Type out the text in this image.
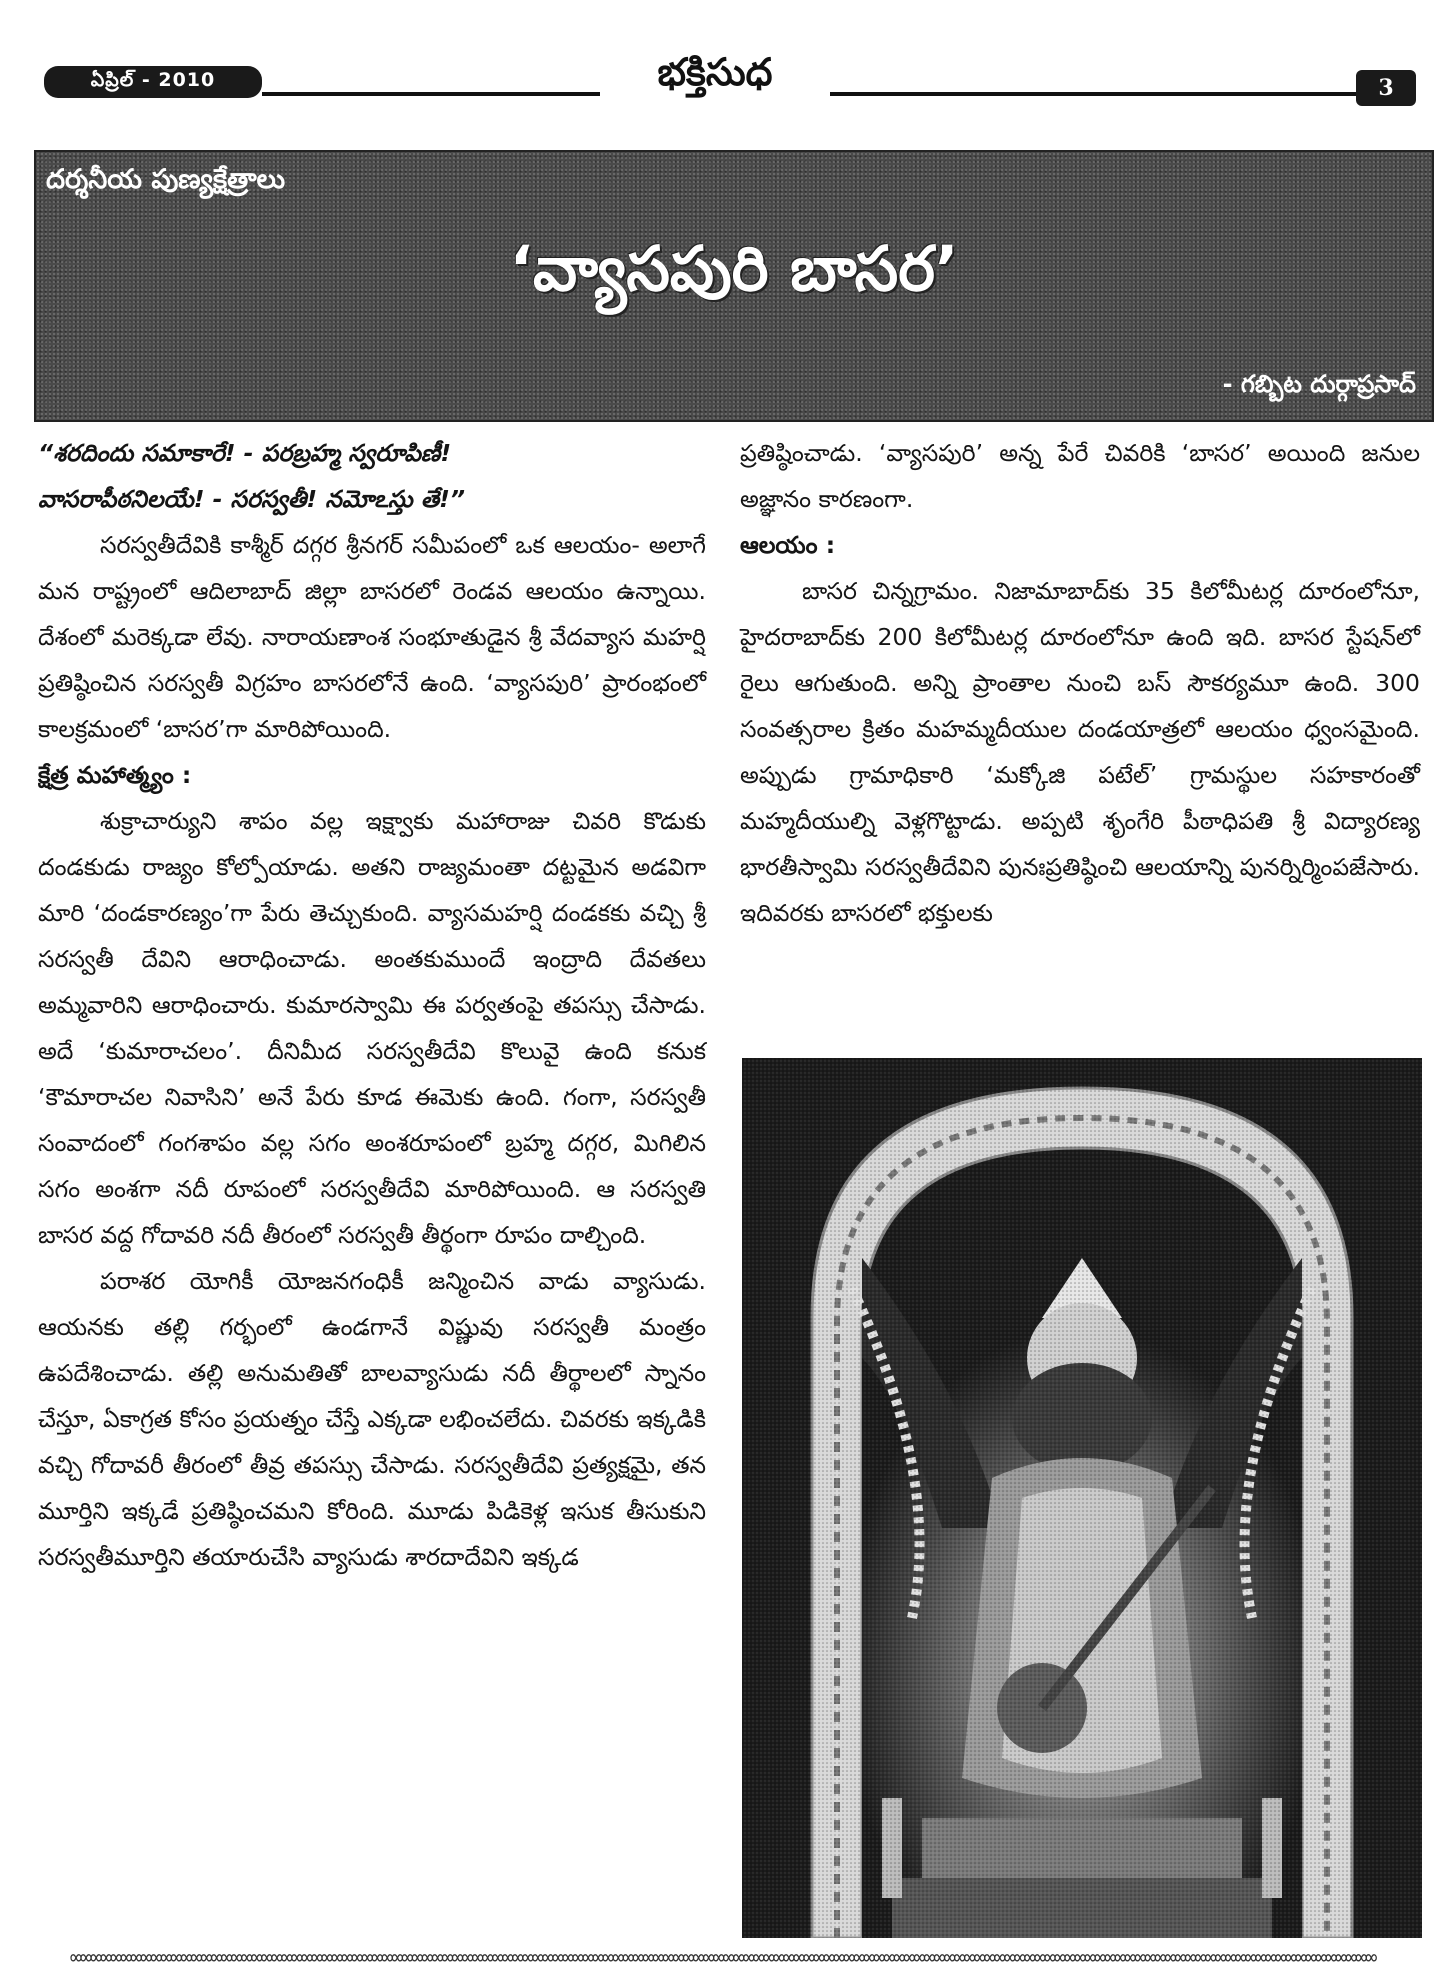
ఏప్రిల్ - 2010	భక్తిసుధ	3
దర్శనీయ పుణ్యక్షేత్రాలు
‘వ్యాసపురి బాసర’
- గబ్బిట దుర్గాప్రసాద్

“శరదిందు సమాకారే! - పరబ్రహ్మ స్వరూపిణీ!

వాసరాపీఠనిలయే! - సరస్వతీ! నమోఽస్తు తే!”

సరస్వతీదేవికి కాశ్మీర్ దగ్గర శ్రీనగర్ సమీపంలో ఒక ఆలయం- అలాగే మన రాష్ట్రంలో ఆదిలాబాద్ జిల్లా బాసరలో రెండవ ఆలయం ఉన్నాయి. దేశంలో మరెక్కడా లేవు. నారాయణాంశ సంభూతుడైన శ్రీ వేదవ్యాస మహర్షి ప్రతిష్ఠించిన సరస్వతీ విగ్రహం బాసరలోనే ఉంది. ‘వ్యాసపురి’ ప్రారంభంలో కాలక్రమంలో ‘బాసర’గా మారిపోయింది.

క్షేత్ర మహాత్మ్యం :

శుక్రాచార్యుని శాపం వల్ల ఇక్ష్వాకు మహారాజు చివరి కొడుకు దండకుడు రాజ్యం కోల్పోయాడు. అతని రాజ్యమంతా దట్టమైన అడవిగా మారి ‘దండకారణ్యం’గా పేరు తెచ్చుకుంది. వ్యాసమహర్షి దండకకు వచ్చి శ్రీ సరస్వతీ దేవిని ఆరాధించాడు. అంతకుముందే ఇంద్రాది దేవతలు అమ్మవారిని ఆరాధించారు. కుమారస్వామి ఈ పర్వతంపై తపస్సు చేసాడు. అదే ‘కుమారాచలం’. దీనిమీద సరస్వతీదేవి కొలువై ఉంది కనుక ‘కౌమారాచల నివాసిని’ అనే పేరు కూడ ఈమెకు ఉంది. గంగా, సరస్వతీ సంవాదంలో గంగశాపం వల్ల సగం అంశరూపంలో బ్రహ్మ దగ్గర, మిగిలిన సగం అంశగా నదీ రూపంలో సరస్వతీదేవి మారిపోయింది. ఆ సరస్వతి బాసర వద్ద గోదావరి నదీ తీరంలో సరస్వతీ తీర్థంగా రూపం దాల్చింది.

పరాశర యోగికీ యోజనగంధికీ జన్మించిన వాడు వ్యాసుడు. ఆయనకు తల్లి గర్భంలో ఉండగానే విష్ణువు సరస్వతీ మంత్రం ఉపదేశించాడు. తల్లి అనుమతితో బాలవ్యాసుడు నదీ తీర్థాలలో స్నానం చేస్తూ, ఏకాగ్రత కోసం ప్రయత్నం చేస్తే ఎక్కడా లభించలేదు. చివరకు ఇక్కడికి వచ్చి గోదావరీ తీరంలో తీవ్ర తపస్సు చేసాడు. సరస్వతీదేవి ప్రత్యక్షమై, తన మూర్తిని ఇక్కడే ప్రతిష్ఠించమని కోరింది. మూడు పిడికెళ్ల ఇసుక తీసుకుని సరస్వతీమూర్తిని తయారుచేసి వ్యాసుడు శారదాదేవిని ఇక్కడ

ప్రతిష్ఠించాడు. ‘వ్యాసపురి’ అన్న పేరే చివరికి ‘బాసర’ అయింది జనుల అజ్ఞానం కారణంగా.

ఆలయం :

బాసర చిన్నగ్రామం. నిజామాబాద్‌కు 35 కిలోమీటర్ల దూరంలోనూ, హైదరాబాద్‌కు 200 కిలోమీటర్ల దూరంలోనూ ఉంది ఇది. బాసర స్టేషన్‌లో రైలు ఆగుతుంది. అన్ని ప్రాంతాల నుంచి బస్ సౌకర్యమూ ఉంది. 300 సంవత్సరాల క్రితం మహమ్మదీయుల దండయాత్రలో ఆలయం ధ్వంసమైంది. అప్పుడు గ్రామాధికారి ‘మక్కోజి పటేల్’ గ్రామస్థుల సహకారంతో మహ్మదీయుల్ని వెళ్లగొట్టాడు. అప్పటి శృంగేరి పీఠాధిపతి శ్రీ విద్యారణ్య భారతీస్వామి సరస్వతీదేవిని పునఃప్రతిష్ఠించి ఆలయాన్ని పునర్నిర్మింపజేసారు. ఇదివరకు బాసరలో భక్తులకు

∞∞∞∞∞∞∞∞∞∞∞∞∞∞∞∞∞∞∞∞∞∞∞∞∞∞∞∞∞∞∞∞∞∞∞∞∞∞∞∞∞∞∞∞∞∞∞∞∞∞∞∞∞∞∞∞∞∞∞∞∞∞∞∞∞∞∞∞∞∞∞∞∞∞∞∞∞∞∞∞∞∞∞∞∞∞∞∞∞∞∞∞∞∞∞∞∞∞∞∞∞∞∞∞∞∞∞∞∞∞∞∞∞∞∞∞∞∞∞∞∞∞∞∞∞∞∞∞∞∞
